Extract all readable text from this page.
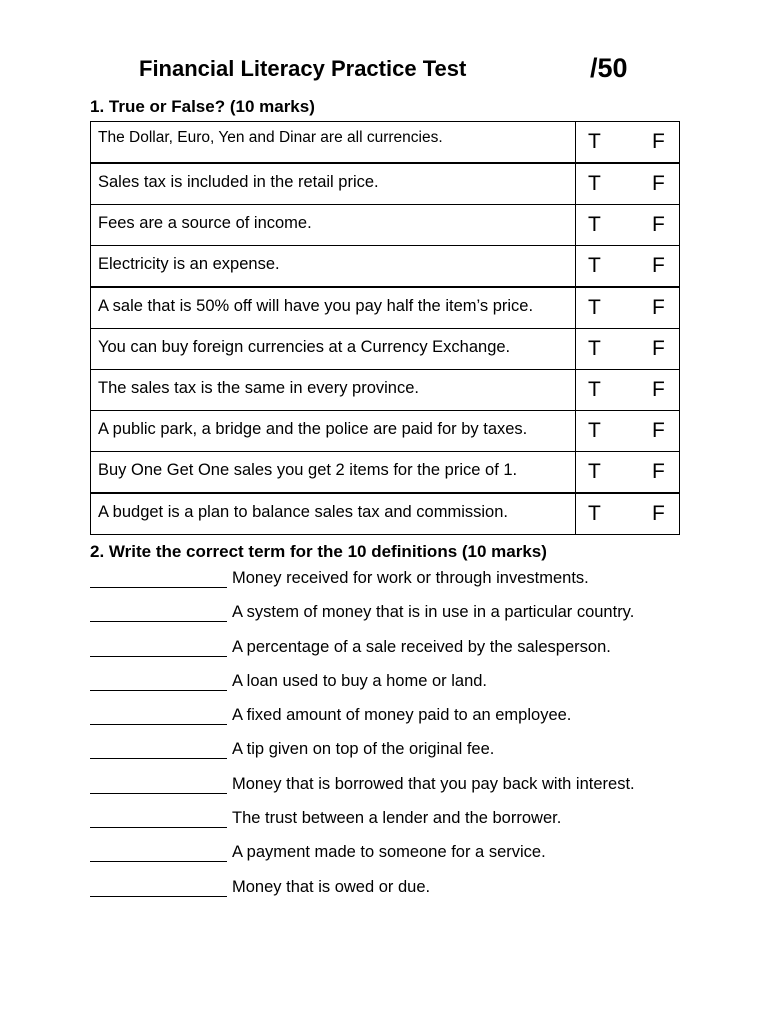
Financial Literacy Practice Test	/50
1. True or False? (10 marks)
The Dollar, Euro, Yen and Dinar are all currencies.	T F

Sales tax is included in the retail price.	T F

Fees are a source of income.	T F

Electricity is an expense.	T F

A sale that is 50% off will have you pay half the item’s price.	T F

You can buy foreign currencies at a Currency Exchange.	T F

The sales tax is the same in every province.	T F

A public park, a bridge and the police are paid for by taxes.	T F

Buy One Get One sales you get 2 items for the price of 1.	T F

A budget is a plan to balance sales tax and commission.	T F
2. Write the correct term for the 10 definitions (10 marks)
Money received for work or through investments.
A system of money that is in use in a particular country.
A percentage of a sale received by the salesperson.
A loan used to buy a home or land.
A fixed amount of money paid to an employee.
A tip given on top of the original fee.
Money that is borrowed that you pay back with interest.
The trust between a lender and the borrower.
A payment made to someone for a service.
Money that is owed or due.
